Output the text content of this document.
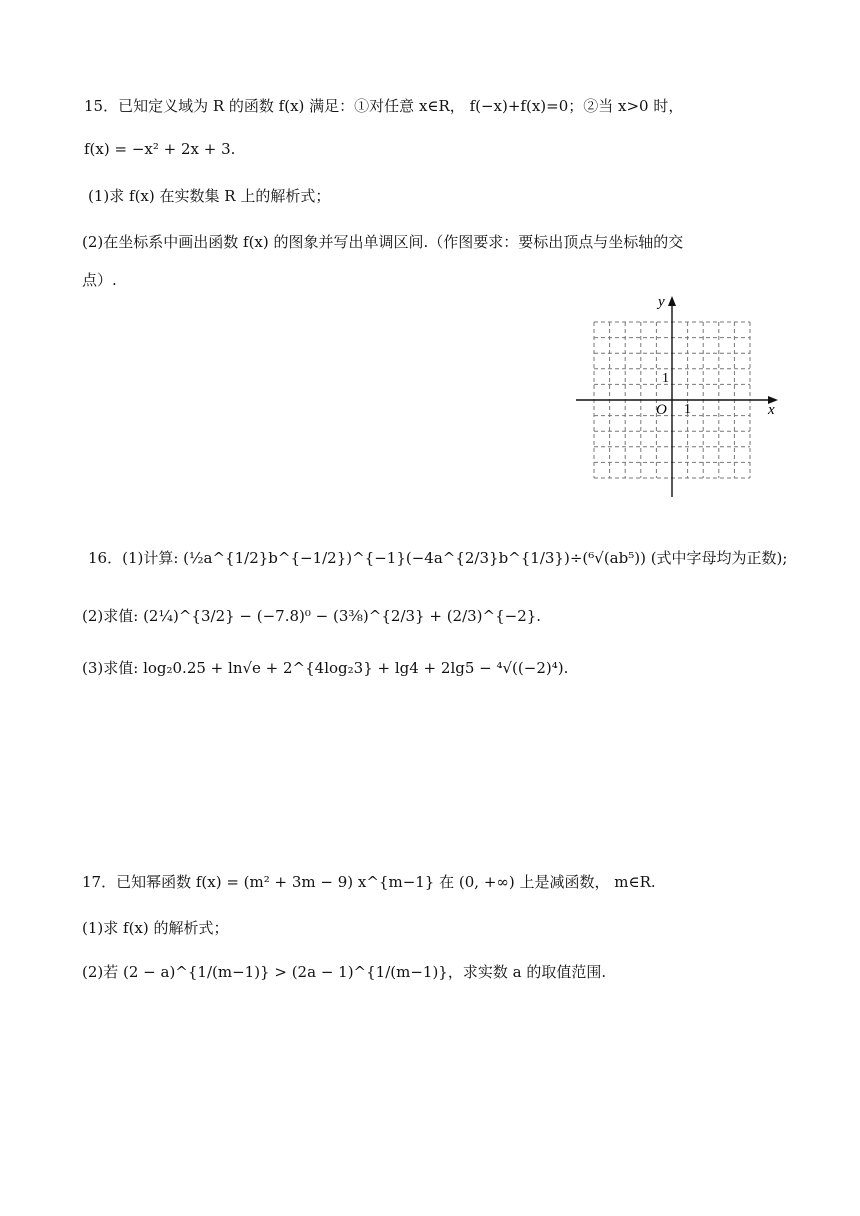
15．已知定义域为 R 的函数 f(x) 满足：①对任意 x∈R， f(−x)+f(x)=0；②当 x>0 时，
f(x) = −x² + 2x + 3.
(1)求 f(x) 在实数集 R 上的解析式；
(2)在坐标系中画出函数 f(x) 的图象并写出单调区间.（作图要求：要标出顶点与坐标轴的交
点）.
x
y
O 1
1
16．(1)计算: (½a^{1/2}b^{−1/2})^{−1}(−4a^{2/3}b^{1/3})÷(⁶√(ab⁵)) (式中字母均为正数);
(2)求值: (2¼)^{3/2} − (−7.8)⁰ − (3⅜)^{2/3} + (2/3)^{−2}.
(3)求值: log₂0.25 + ln√e + 2^{4log₂3} + lg4 + 2lg5 − ⁴√((−2)⁴).
17．已知幂函数 f(x) = (m² + 3m − 9) x^{m−1} 在 (0, +∞) 上是减函数， m∈R.
(1)求 f(x) 的解析式；
(2)若 (2 − a)^{1/(m−1)} > (2a − 1)^{1/(m−1)}，求实数 a 的取值范围.
